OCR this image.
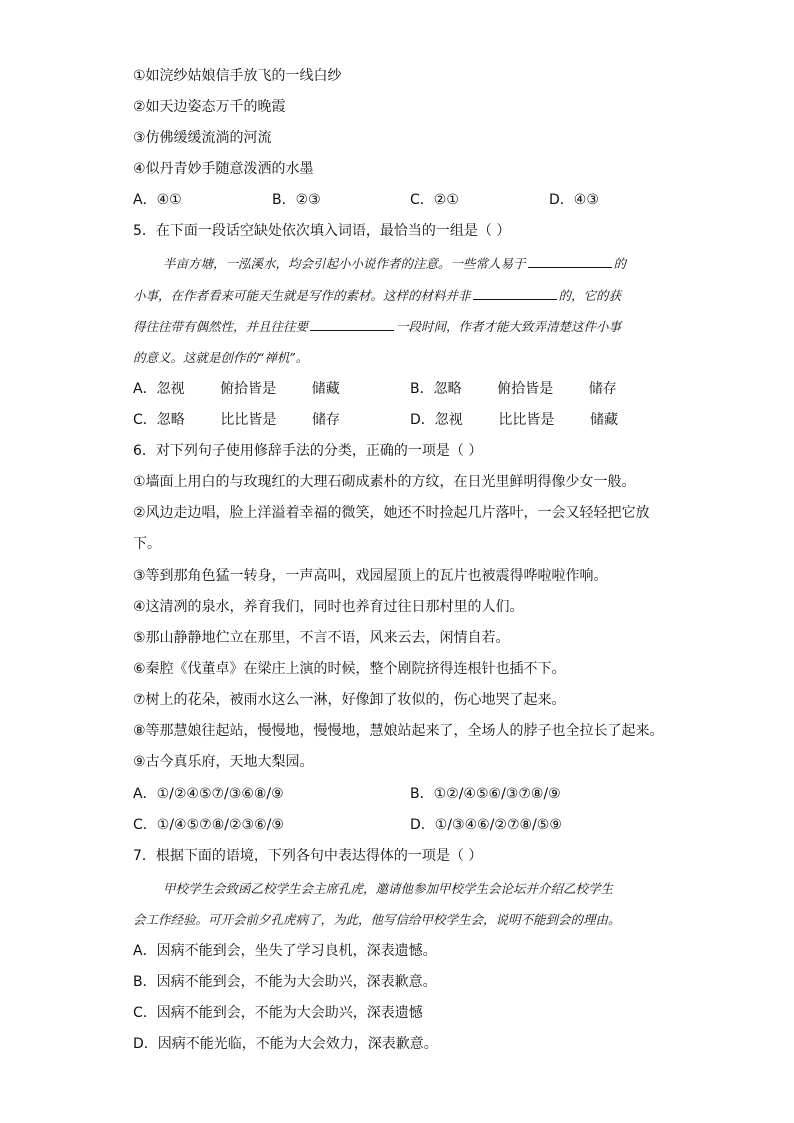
①如浣纱姑娘信手放飞的一线白纱
②如天边姿态万千的晚霞
③仿佛缓缓流淌的河流
④似丹青妙手随意泼洒的水墨
A．④①	B．②③	C．②①	D．④③
5．在下面一段话空缺处依次填入词语，最恰当的一组是（ ）
半亩方塘，一泓溪水，均会引起小小说作者的注意。一些常人易于	的
小事，在作者看来可能天生就是写作的素材。这样的材料并非	的，它的获
得往往带有偶然性，并且往往要	一段时间，作者才能大致弄清楚这件小事
的意义。这就是创作的“禅机”。
A．忽视        俯拾皆是        储藏	B．忽略        俯拾皆是        储存
C．忽略        比比皆是        储存	D．忽视        比比皆是        储藏
6．对下列句子使用修辞手法的分类，正确的一项是（ ）
①墙面上用白的与玫瑰红的大理石砌成素朴的方纹，在日光里鲜明得像少女一般。
②风边走边唱，脸上洋溢着幸福的微笑，她还不时捡起几片落叶，一会又轻轻把它放
下。
③等到那角色猛一转身，一声高叫，戏园屋顶上的瓦片也被震得哗啦啦作响。
④这清冽的泉水，养育我们，同时也养育过往日那村里的人们。
⑤那山静静地伫立在那里，不言不语，风来云去，闲情自若。
⑥秦腔《伐董卓》在梁庄上演的时候，整个剧院挤得连根针也插不下。
⑦树上的花朵，被雨水这么一淋，好像卸了妆似的，伤心地哭了起来。
⑧等那慧娘往起站，慢慢地，慢慢地，慧娘站起来了，全场人的脖子也全拉长了起来。
⑨古今真乐府，天地大梨园。
A．①/②④⑤⑦/③⑥⑧/⑨	B．①②/④⑤⑥/③⑦⑧/⑨
C．①/④⑤⑦⑧/②③⑥/⑨	D．①/③④⑥/②⑦⑧/⑤⑨
7．根据下面的语境，下列各句中表达得体的一项是（ ）
甲校学生会致函乙校学生会主席孔虎，邀请他参加甲校学生会论坛并介绍乙校学生
会工作经验。可开会前夕孔虎病了，为此，他写信给甲校学生会，说明不能到会的理由。
A．因病不能到会，坐失了学习良机，深表遗憾。
B．因病不能到会，不能为大会助兴，深表歉意。
C．因病不能到会，不能为大会助兴，深表遗憾
D．因病不能光临，不能为大会效力，深表歉意。
